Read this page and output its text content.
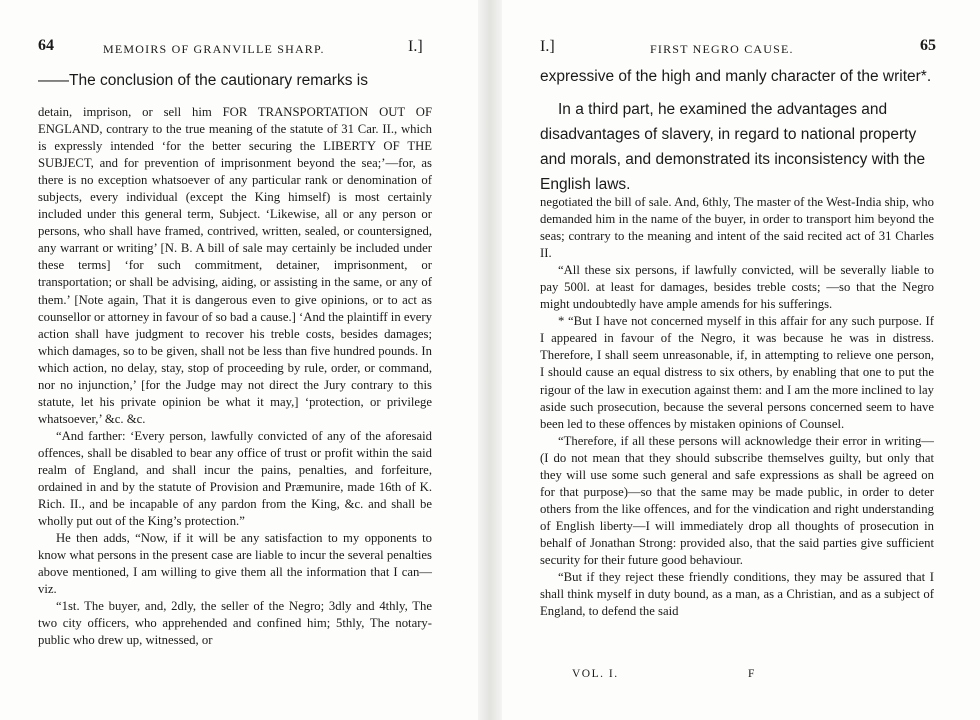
64	MEMOIRS OF GRANVILLE SHARP.	I.]

——The conclusion of the cautionary remarks is

detain, imprison, or sell him FOR TRANSPORTATION OUT OF ENGLAND, contrary to the true meaning of the statute of 31 Car. II., which is expressly intended ‘for the better securing the LIBERTY OF THE SUBJECT, and for prevention of imprisonment beyond the sea;’—for, as there is no exception whatsoever of any particular rank or denomination of subjects, every individual (except the King himself) is most certainly included under this general term, Subject. ‘Likewise, all or any person or persons, who shall have framed, contrived, written, sealed, or countersigned, any warrant or writing’ [N. B. A bill of sale may certainly be included under these terms] ‘for such commitment, detainer, imprisonment, or transportation; or shall be advising, aiding, or assisting in the same, or any of them.’ [Note again, That it is dangerous even to give opinions, or to act as counsellor or attorney in favour of so bad a cause.] ‘And the plaintiff in every action shall have judgment to recover his treble costs, besides damages; which damages, so to be given, shall not be less than five hundred pounds. In which action, no delay, stay, stop of proceeding by rule, order, or command, nor no injunction,’ [for the Judge may not direct the Jury contrary to this statute, let his private opinion be what it may,] ‘protection, or privilege whatsoever,’ &c. &c.

“And farther: ‘Every person, lawfully convicted of any of the aforesaid offences, shall be disabled to bear any office of trust or profit within the said realm of England, and shall incur the pains, penalties, and forfeiture, ordained in and by the statute of Provision and Præmunire, made 16th of K. Rich. II., and be incapable of any pardon from the King, &c. and shall be wholly put out of the King’s protection.”

He then adds, “Now, if it will be any satisfaction to my opponents to know what persons in the present case are liable to incur the several penalties above mentioned, I am willing to give them all the information that I can—viz.

“1st. The buyer, and, 2dly, the seller of the Negro; 3dly and 4thly, The two city officers, who apprehended and confined him; 5thly, The notary-public who drew up, witnessed, or

I.]	FIRST NEGRO CAUSE.	65

expressive of the high and manly character of the writer*.

In a third part, he examined the advantages and disadvantages of slavery, in regard to national property and morals, and demonstrated its inconsistency with the English laws.

negotiated the bill of sale. And, 6thly, The master of the West-India ship, who demanded him in the name of the buyer, in order to transport him beyond the seas; contrary to the meaning and intent of the said recited act of 31 Charles II.

“All these six persons, if lawfully convicted, will be severally liable to pay 500l. at least for damages, besides treble costs; —so that the Negro might undoubtedly have ample amends for his sufferings.

* “But I have not concerned myself in this affair for any such purpose. If I appeared in favour of the Negro, it was because he was in distress. Therefore, I shall seem unreasonable, if, in attempting to relieve one person, I should cause an equal distress to six others, by enabling that one to put the rigour of the law in execution against them: and I am the more inclined to lay aside such prosecution, because the several persons concerned seem to have been led to these offences by mistaken opinions of Counsel.

“Therefore, if all these persons will acknowledge their error in writing—(I do not mean that they should subscribe themselves guilty, but only that they will use some such general and safe expressions as shall be agreed on for that purpose)—so that the same may be made public, in order to deter others from the like offences, and for the vindication and right understanding of English liberty—I will immediately drop all thoughts of prosecution in behalf of Jonathan Strong: provided also, that the said parties give sufficient security for their future good behaviour.

“But if they reject these friendly conditions, they may be assured that I shall think myself in duty bound, as a man, as a Christian, and as a subject of England, to defend the said

VOL. I.	F
